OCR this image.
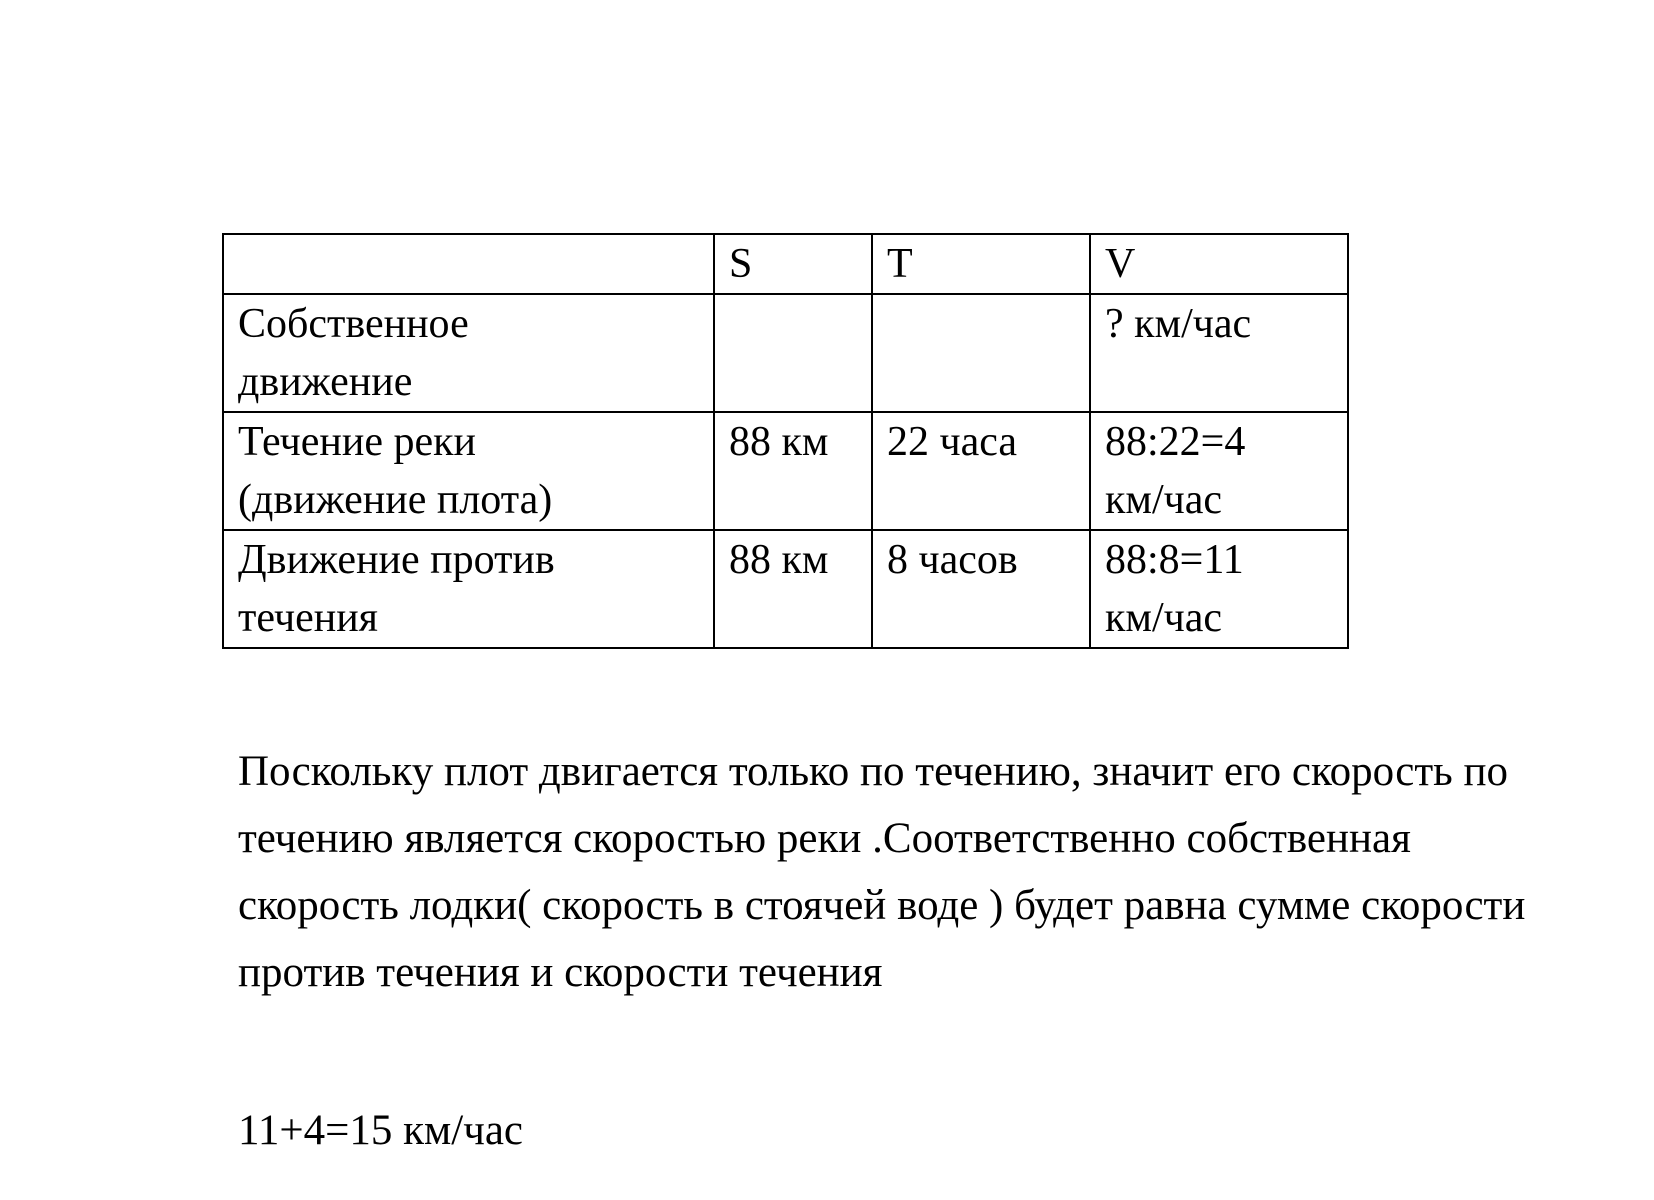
	S	T	V

Собственное
движение			? км/час

Течение реки
(движение плота)	88 км	22 часа	88:22=4
км/час

Движение против
течения	88 км	8 часов	88:8=11
км/час

Поскольку плот двигается только по течению, значит его скорость по течению является скоростью реки .Соответственно собственная скорость лодки( скорость в стоячей воде ) будет равна сумме скорости против течения и скорости течения

11+4=15 км/час
